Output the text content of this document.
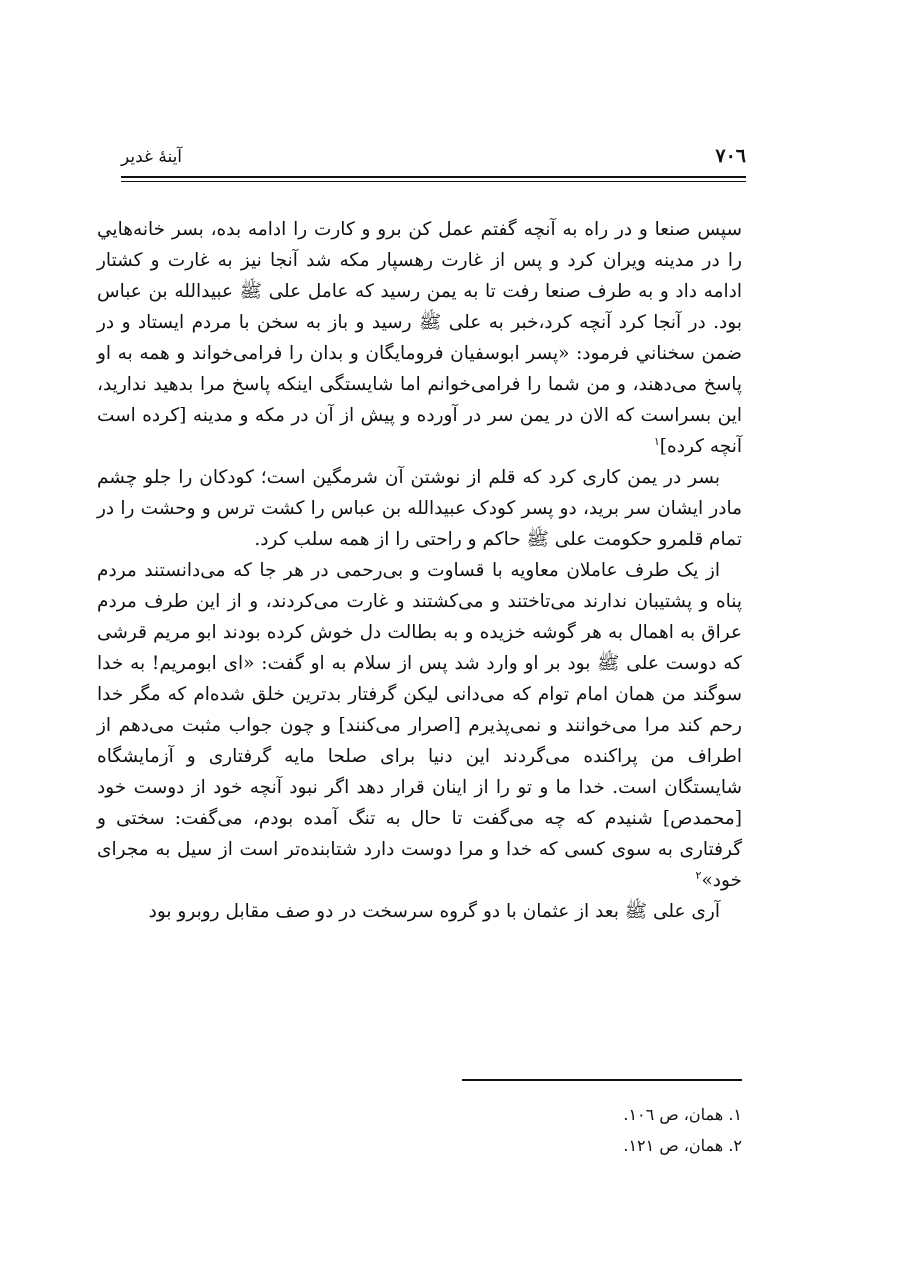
۷۰٦
آينهٔ غدير

سپس صنعا و در راه به آنچه گفتم عمل كن برو و كارت را ادامه بده، بسر خانه‌هايي را در مدينه ويران كرد و پس از غارت رهسپار مكه شد آنجا نيز به غارت و كشتار ادامه داد و به طرف صنعا رفت تا به يمن رسيد كه عامل علی ﷺ عبيدالله بن عباس بود. در آنجا كرد آنچه كرد،خبر به علی ﷺ رسيد و باز به سخن با مردم ايستاد و در ضمن سخناني فرمود: «پسر ابوسفيان فرومايگان و بدان را فرامی‌خواند و همه به او پاسخ می‌دهند، و من شما را فرامی‌خوانم اما شايستگی اينكه پاسخ مرا بدهيد نداريد، اين بسراست كه الان در يمن سر در آورده و پيش از آن در مكه و مدينه [كرده است آنچه كرده]$^۱$

بسر در يمن كاری كرد كه قلم از نوشتن آن شرمگين است؛ كودكان را جلو چشم مادر ايشان سر بريد، دو پسر كودک عبيدالله بن عباس را كشت ترس و وحشت را در تمام قلمرو حكومت علی ﷺ حاكم و راحتی را از همه سلب كرد.

از يک طرف عاملان معاويه با قساوت و بی‌رحمی در هر جا كه می‌دانستند مردم پناه و پشتيبان ندارند می‌تاختند و می‌كشتند و غارت می‌كردند، و از اين طرف مردم عراق به اهمال به هر گوشه خزيده و به بطالت دل خوش كرده بودند ابو مريم قرشی كه دوست علی ﷺ بود بر او وارد شد پس از سلام به او گفت: «ای ابومريم! به خدا سوگند من همان امام توام كه می‌دانی ليكن گرفتار بدترين خلق شده‌ام كه مگر خدا رحم كند مرا می‌خوانند و نمی‌پذيرم [اصرار می‌كنند] و چون جواب مثبت می‌دهم از اطراف من پراكنده می‌گردند اين دنيا برای صلحا مايه گرفتاری و آزمايشگاه شايستگان است. خدا ما و تو را از اينان قرار دهد اگر نبود آنچه خود از دوست خود [محمدص] شنيدم كه چه می‌گفت تا حال به تنگ آمده بودم، می‌گفت: سختی و گرفتاری به سوی كسی كه خدا و مرا دوست دارد شتابنده‌تر است از سيل به مجرای خود»$^۲$

آری علی ﷺ بعد از عثمان با دو گروه سرسخت در دو صف مقابل روبرو بود

۱. همان، ص ۱۰٦.
۲. همان، ص ۱۲۱.
